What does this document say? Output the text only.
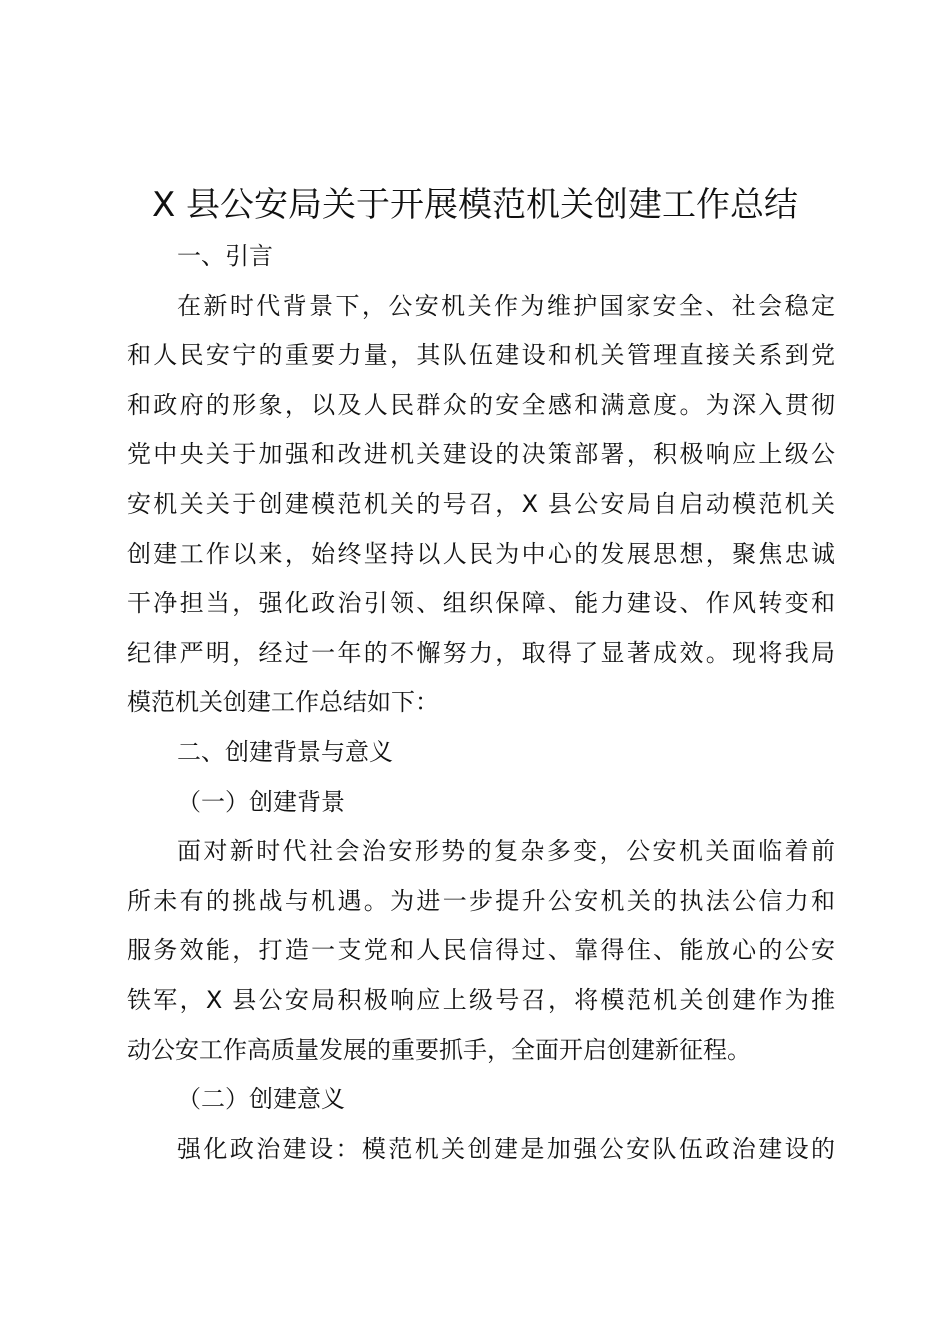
X 县公安局关于开展模范机关创建工作总结
一、引言
在新时代背景下，公安机关作为维护国家安全、社会稳定
和人民安宁的重要力量，其队伍建设和机关管理直接关系到党
和政府的形象，以及人民群众的安全感和满意度。为深入贯彻
党中央关于加强和改进机关建设的决策部署，积极响应上级公
安机关关于创建模范机关的号召，X 县公安局自启动模范机关
创建工作以来，始终坚持以人民为中心的发展思想，聚焦忠诚
干净担当，强化政治引领、组织保障、能力建设、作风转变和
纪律严明，经过一年的不懈努力，取得了显著成效。现将我局
模范机关创建工作总结如下：
二、创建背景与意义
（一）创建背景
面对新时代社会治安形势的复杂多变，公安机关面临着前
所未有的挑战与机遇。为进一步提升公安机关的执法公信力和
服务效能，打造一支党和人民信得过、靠得住、能放心的公安
铁军，X 县公安局积极响应上级号召，将模范机关创建作为推
动公安工作高质量发展的重要抓手，全面开启创建新征程。
（二）创建意义
强化政治建设：模范机关创建是加强公安队伍政治建设的
